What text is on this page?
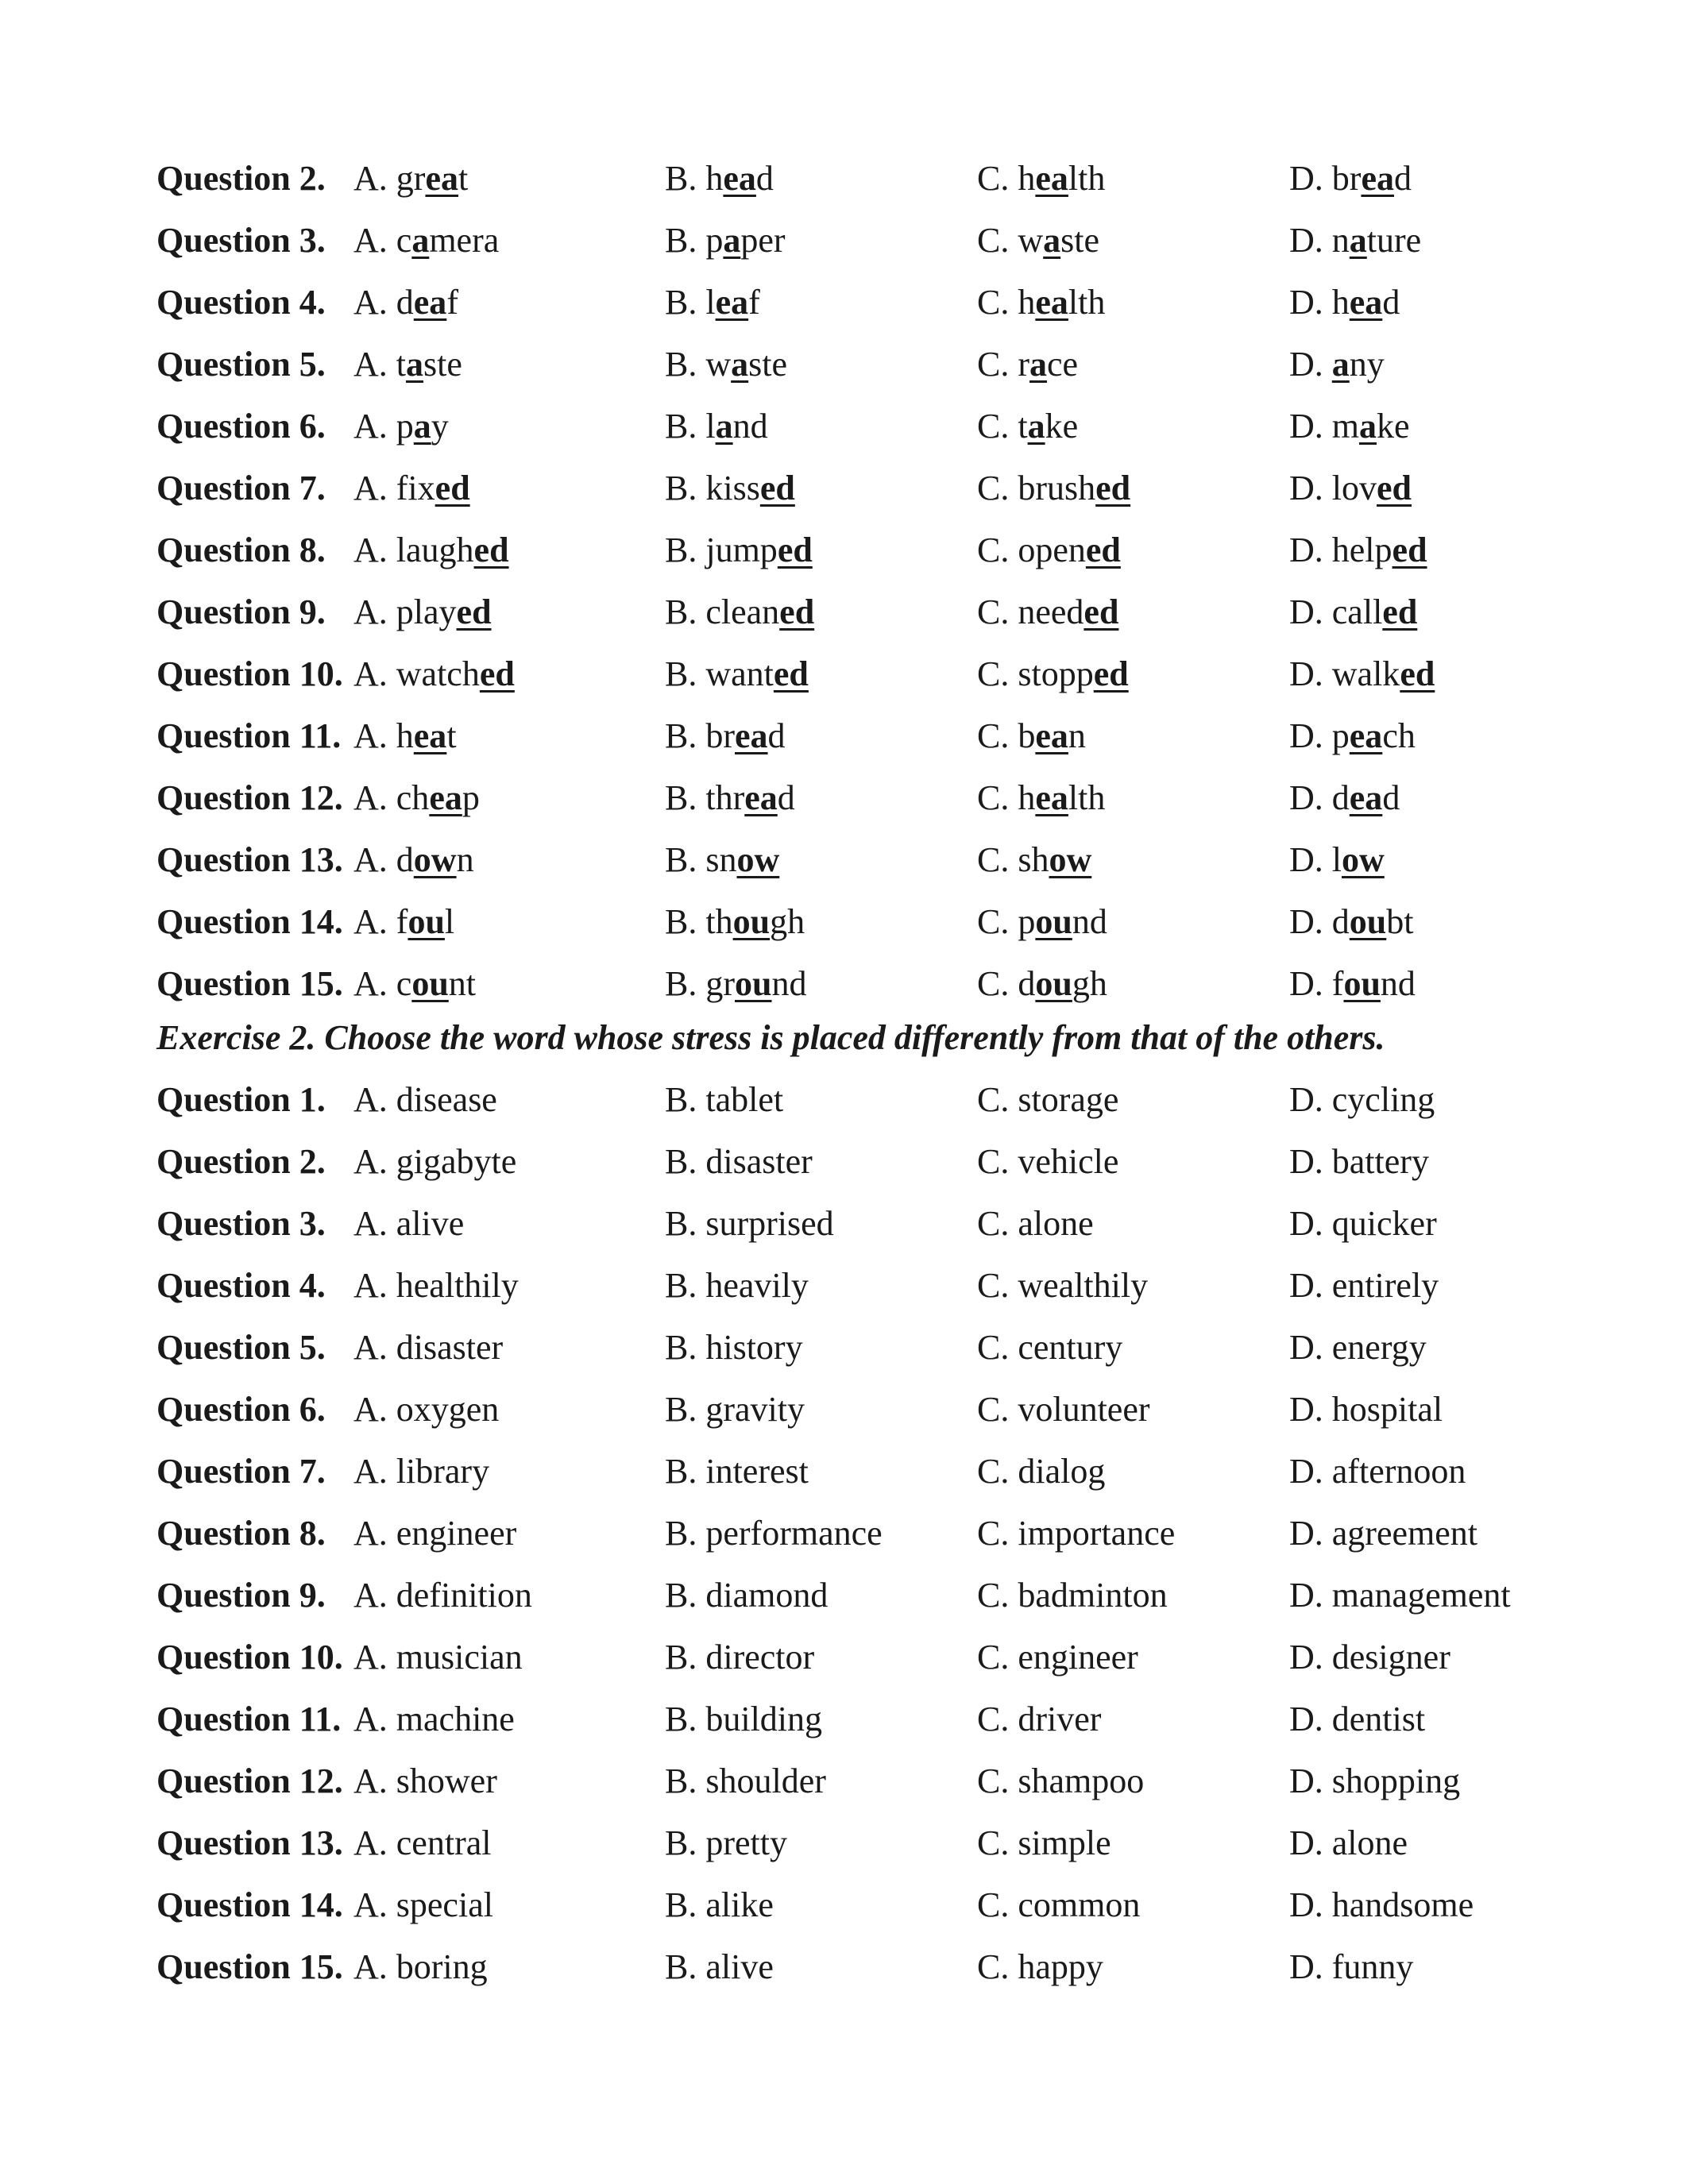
Question 2. A. great	B. head	C. health	D. bread
Question 3. A. camera	B. paper	C. waste	D. nature
Question 4. A. deaf	B. leaf	C. health	D. head
Question 5. A. taste	B. waste	C. race	D. any
Question 6. A. pay	B. land	C. take	D. make
Question 7. A. fixed	B. kissed	C. brushed	D. loved
Question 8. A. laughed	B. jumped	C. opened	D. helped
Question 9. A. played	B. cleaned	C. needed	D. called
Question 10. A. watched	B. wanted	C. stopped	D. walked
Question 11. A. heat	B. bread	C. bean	D. peach
Question 12. A. cheap	B. thread	C. health	D. dead
Question 13. A. down	B. snow	C. show	D. low
Question 14. A. foul	B. though	C. pound	D. doubt
Question 15. A. count	B. ground	C. dough	D. found
Exercise 2. Choose the word whose stress is placed differently from that of the others.
Question 1. A. disease	B. tablet	C. storage	D. cycling
Question 2. A. gigabyte	B. disaster	C. vehicle	D. battery
Question 3. A. alive	B. surprised	C. alone	D. quicker
Question 4. A. healthily	B. heavily	C. wealthily	D. entirely
Question 5. A. disaster	B. history	C. century	D. energy
Question 6. A. oxygen	B. gravity	C. volunteer	D. hospital
Question 7. A. library	B. interest	C. dialog	D. afternoon
Question 8. A. engineer	B. performance	C. importance	D. agreement
Question 9. A. definition	B. diamond	C. badminton	D. management
Question 10. A. musician	B. director	C. engineer	D. designer
Question 11. A. machine	B. building	C. driver	D. dentist
Question 12. A. shower	B. shoulder	C. shampoo	D. shopping
Question 13. A. central	B. pretty	C. simple	D. alone
Question 14. A. special	B. alike	C. common	D. handsome
Question 15. A. boring	B. alive	C. happy	D. funny
